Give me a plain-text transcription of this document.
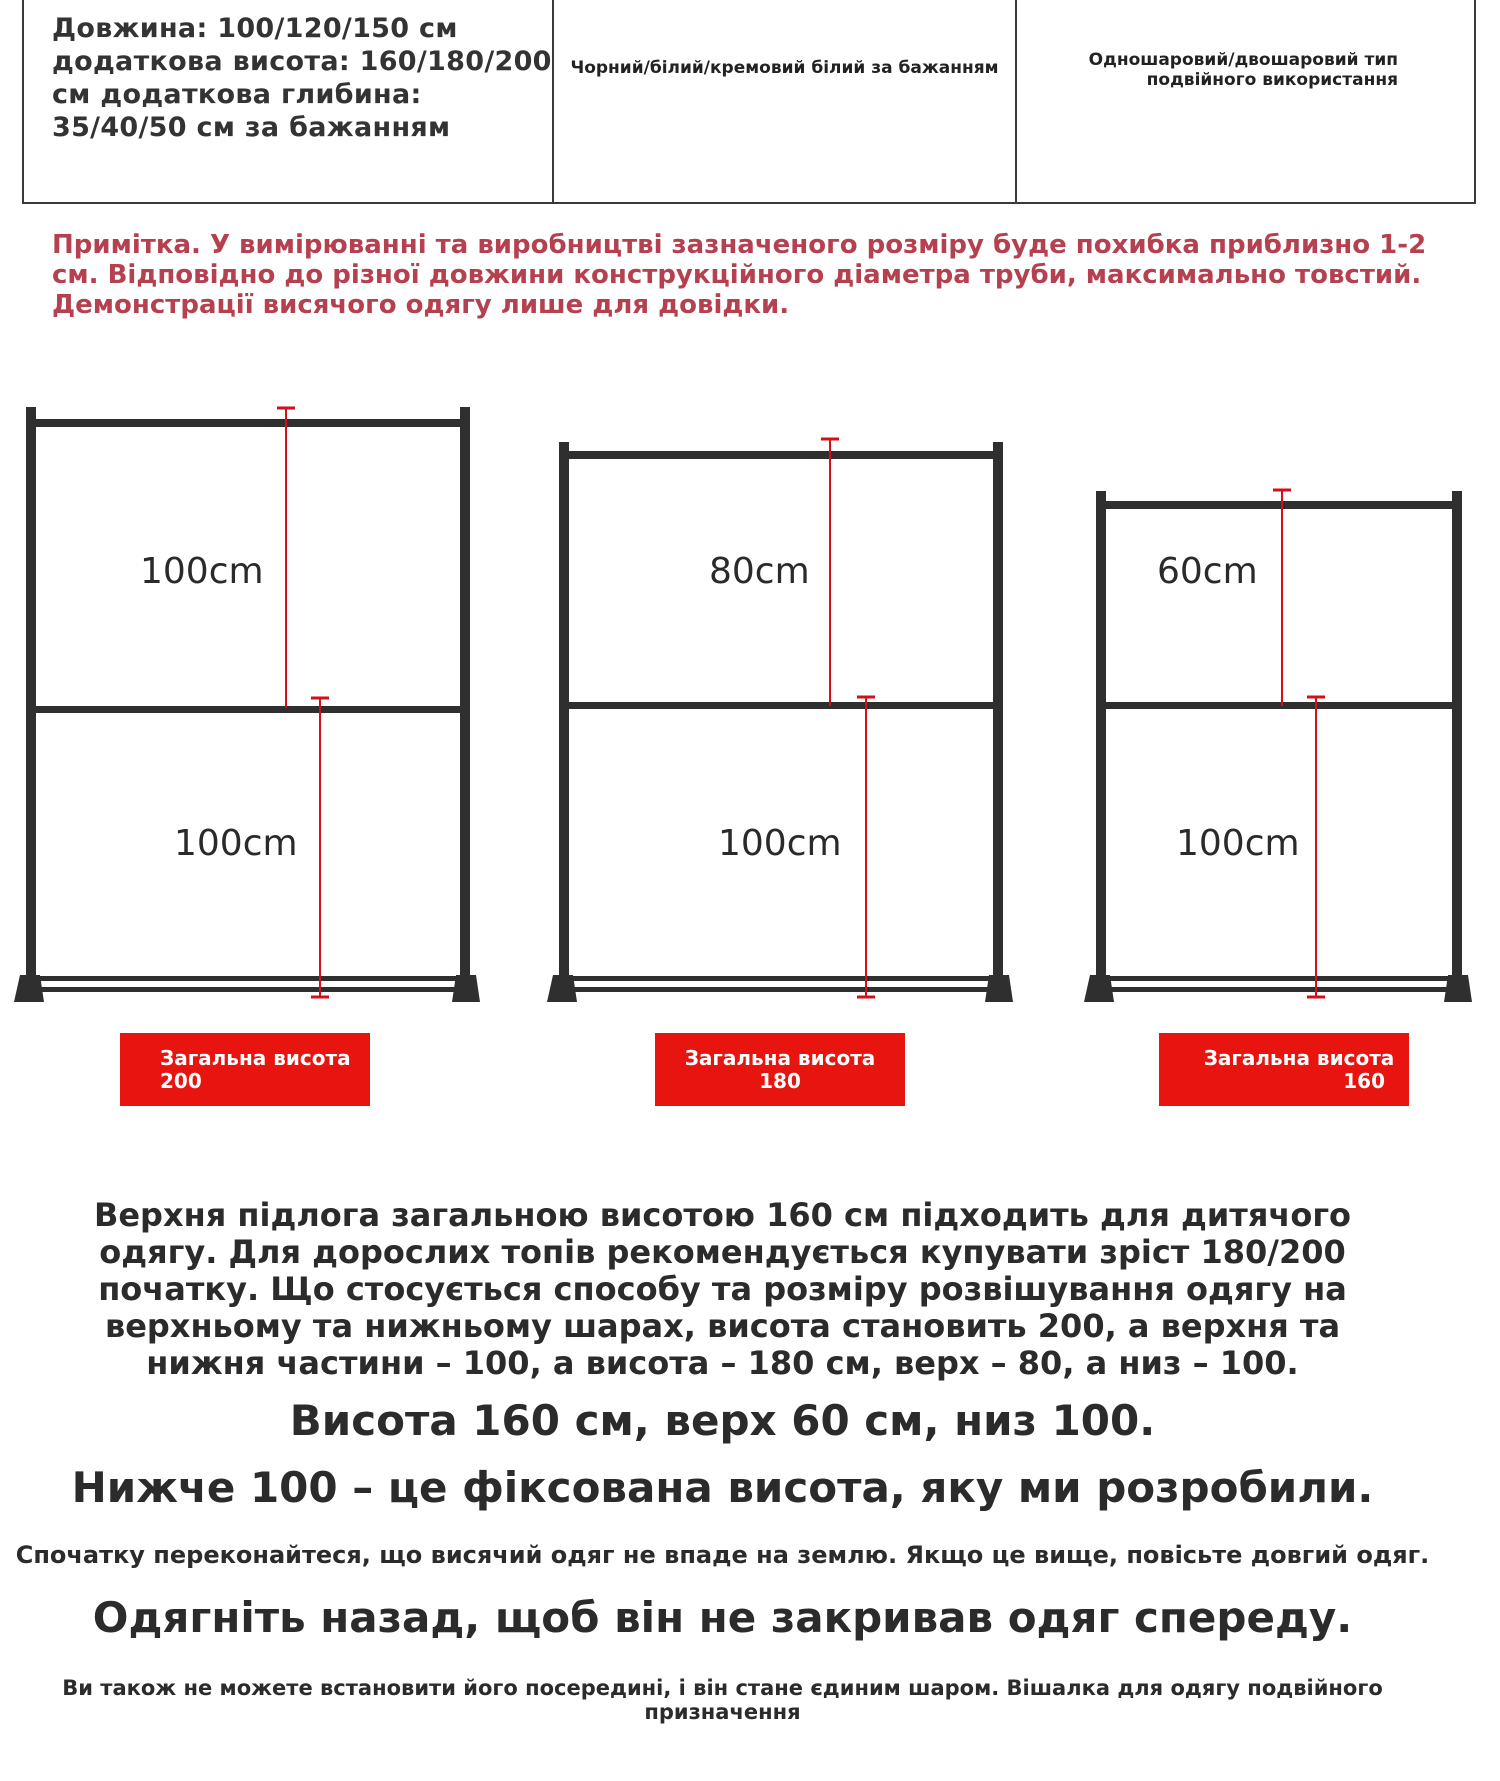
Довжина: 100/120/150 см додаткова висота: 160/180/200 см додаткова глибина: 35/40/50 см за бажанням
Чорний/білий/кремовий білий за бажанням	Одношаровий/двошаровий тип подвійного використання
Примітка. У вимірюванні та виробництві зазначеного розміру буде похибка приблизно 1-2 см. Відповідно до різної довжини конструкційного діаметра труби, максимально товстий. Демонстрації висячого одягу лише для довідки.
100cm
100cm
80cm
100cm
60cm
100cm
Загальна висота
200
Загальна висота
180
Загальна висота
160
Верхня підлога загальною висотою 160 см підходить для дитячого одягу. Для дорослих топів рекомендується купувати зріст 180/200 початку. Що стосується способу та розміру розвішування одягу на верхньому та нижньому шарах, висота становить 200, а верхня та нижня частини – 100, а висота – 180 см, верх – 80, а низ – 100.
Висота 160 см, верх 60 см, низ 100.
Нижче 100 – це фіксована висота, яку ми розробили.
Спочатку переконайтеся, що висячий одяг не впаде на землю. Якщо це вище, повісьте довгий одяг.
Одягніть назад, щоб він не закривав одяг спереду.
Ви також не можете встановити його посередині, і він стане єдиним шаром. Вішалка для одягу подвійного призначення
